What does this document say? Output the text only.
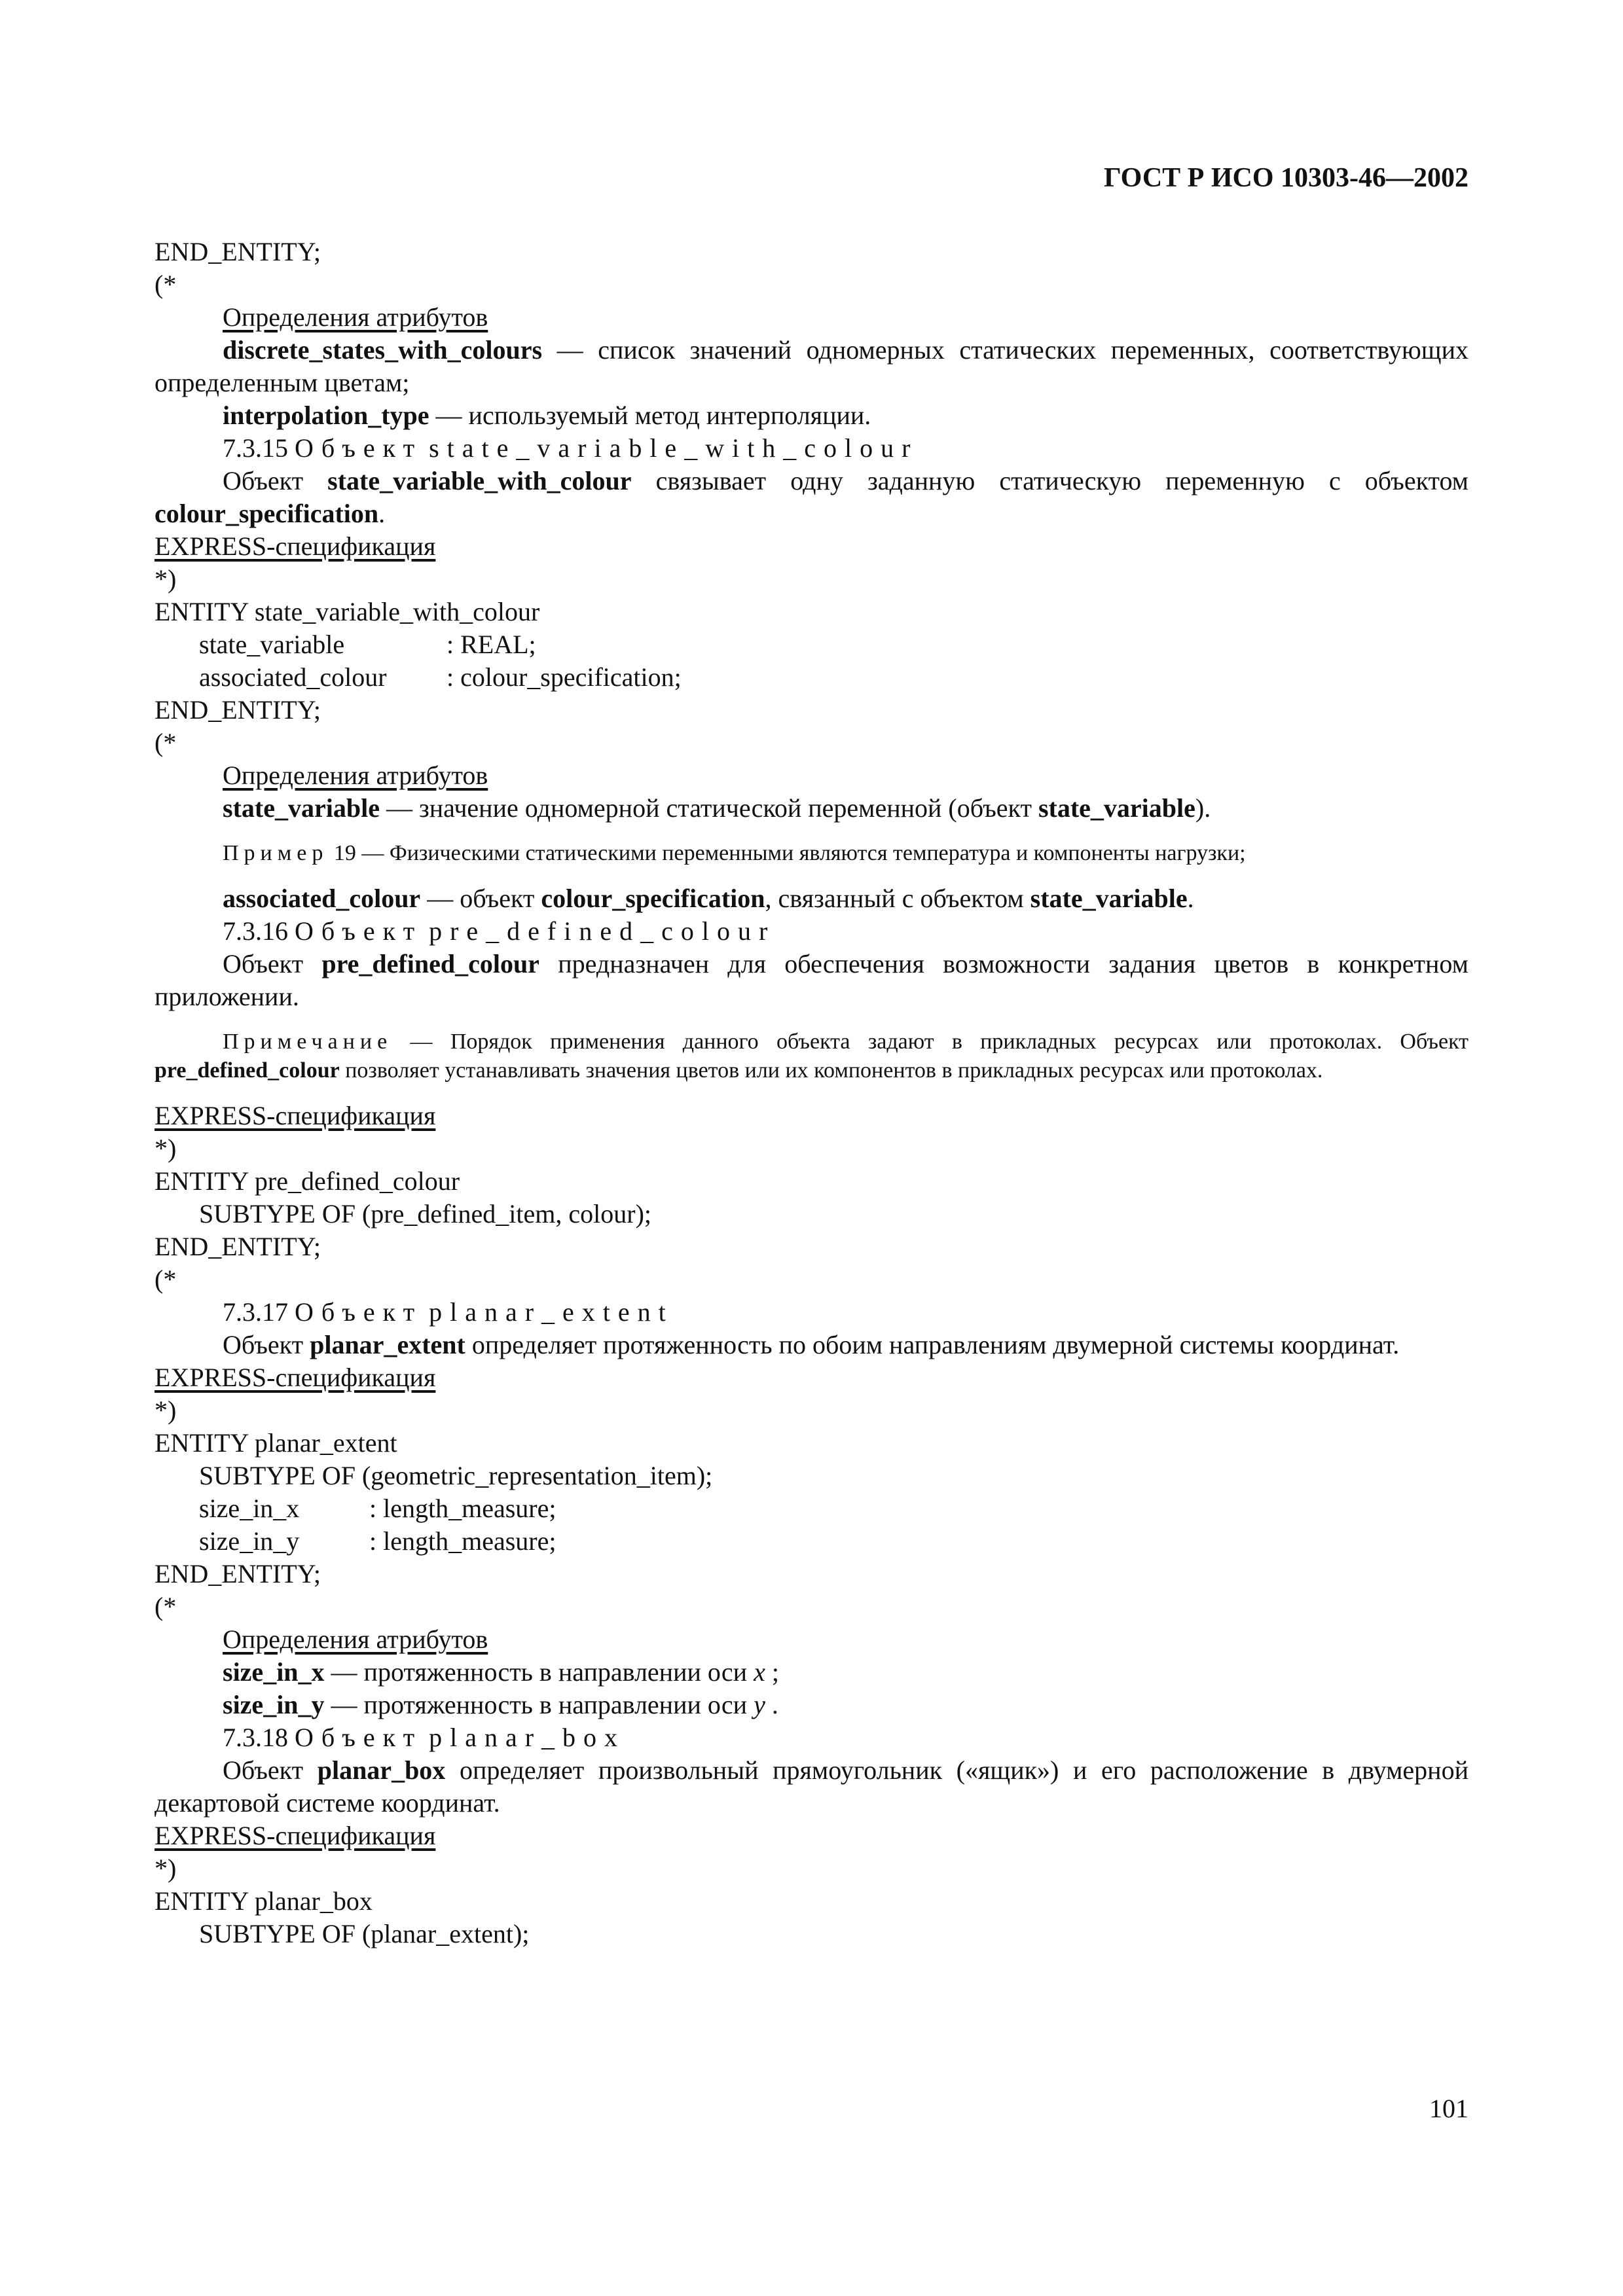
ГОСТ Р ИСО 10303-46—2002
END_ENTITY;
(*
Определения атрибутов
discrete_states_with_colours — список значений одномерных статических переменных, соответствующих определенным цветам;
interpolation_type — используемый метод интерполяции.
7.3.15 Объект state_variable_with_colour
Объект state_variable_with_colour связывает одну заданную статическую переменную с объектом colour_specification.
EXPRESS-спецификация
*)
ENTITY state_variable_with_colour
state_variable	: REAL;
associated_colour : colour_specification;
END_ENTITY;
(*
Определения атрибутов
state_variable — значение одномерной статической переменной (объект state_variable).
Пример 19 — Физическими статическими переменными являются температура и компоненты нагрузки;
associated_colour — объект colour_specification, связанный с объектом state_variable.
7.3.16 Объект pre_defined_colour
Объект pre_defined_colour предназначен для обеспечения возможности задания цветов в конкретном приложении.
Примечание — Порядок применения данного объекта задают в прикладных ресурсах или протоколах. Объект pre_defined_colour позволяет устанавливать значения цветов или их компонентов в прикладных ресурсах или протоколах.
EXPRESS-спецификация
*)
ENTITY pre_defined_colour
SUBTYPE OF (pre_defined_item, colour);
END_ENTITY;
(*
7.3.17 Объект planar_extent
Объект planar_extent определяет протяженность по обоим направлениям двумерной системы координат.
EXPRESS-спецификация
*)
ENTITY planar_extent
SUBTYPE OF (geometric_representation_item);
size_in_x	: length_measure;
size_in_y	: length_measure;
END_ENTITY;
(*
Определения атрибутов
size_in_x — протяженность в направлении оси x ;
size_in_y — протяженность в направлении оси y .
7.3.18 Объект planar_box
Объект planar_box определяет произвольный прямоугольник («ящик») и его расположение в двумерной декартовой системе координат.
EXPRESS-спецификация
*)
ENTITY planar_box
SUBTYPE OF (planar_extent);
101
